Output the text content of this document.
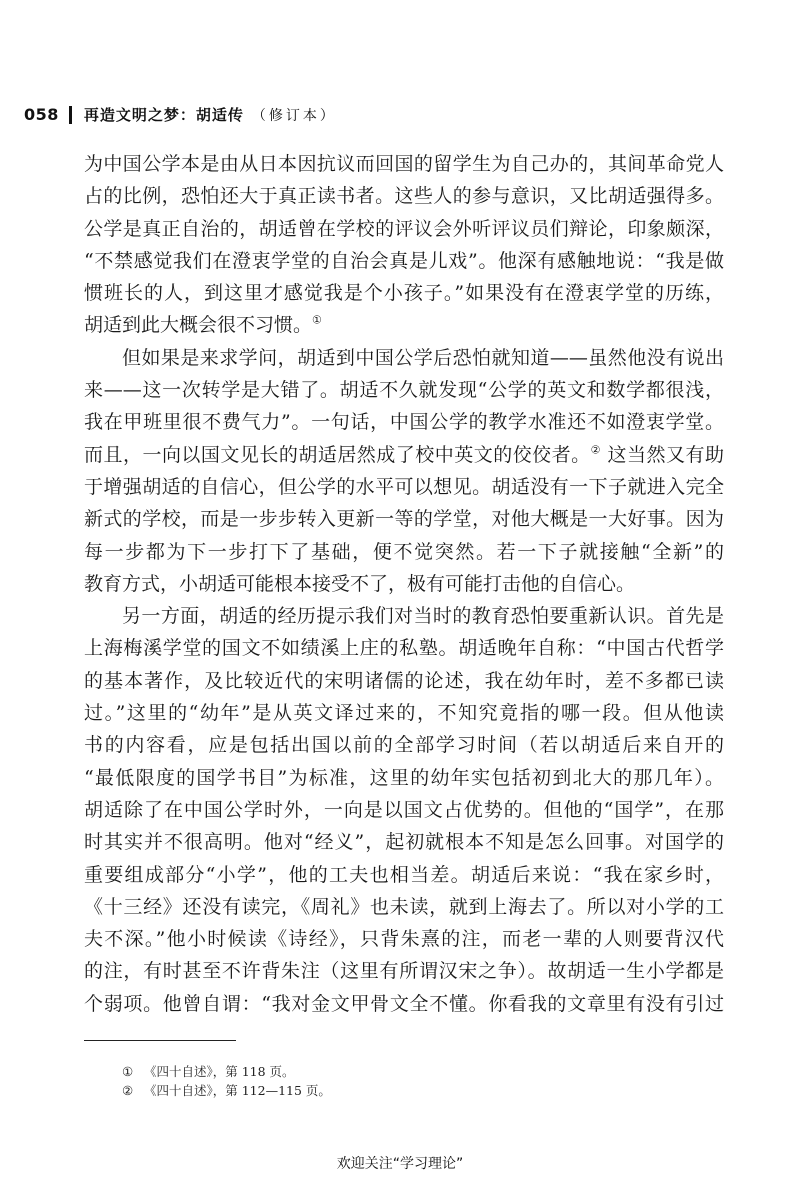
058 再造文明之梦：胡适传 （修订本）
为中国公学本是由从日本因抗议而回国的留学生为自己办的，其间革命党人
占的比例，恐怕还大于真正读书者。这些人的参与意识，又比胡适强得多。
公学是真正自治的，胡适曾在学校的评议会外听评议员们辩论，印象颇深，
“不禁感觉我们在澄衷学堂的自治会真是儿戏”。他深有感触地说：“我是做
惯班长的人，到这里才感觉我是个小孩子。”如果没有在澄衷学堂的历练，
胡适到此大概会很不习惯。①
但如果是来求学问，胡适到中国公学后恐怕就知道——虽然他没有说出
来——这一次转学是大错了。胡适不久就发现“公学的英文和数学都很浅，
我在甲班里很不费气力”。一句话，中国公学的教学水准还不如澄衷学堂。
而且，一向以国文见长的胡适居然成了校中英文的佼佼者。② 这当然又有助
于增强胡适的自信心，但公学的水平可以想见。胡适没有一下子就进入完全
新式的学校，而是一步步转入更新一等的学堂，对他大概是一大好事。因为
每一步都为下一步打下了基础，便不觉突然。若一下子就接触“全新”的
教育方式，小胡适可能根本接受不了，极有可能打击他的自信心。
另一方面，胡适的经历提示我们对当时的教育恐怕要重新认识。首先是
上海梅溪学堂的国文不如绩溪上庄的私塾。胡适晚年自称：“中国古代哲学
的基本著作，及比较近代的宋明诸儒的论述，我在幼年时，差不多都已读
过。”这里的“幼年”是从英文译过来的，不知究竟指的哪一段。但从他读
书的内容看，应是包括出国以前的全部学习时间（若以胡适后来自开的
“最低限度的国学书目”为标准，这里的幼年实包括初到北大的那几年）。
胡适除了在中国公学时外，一向是以国文占优势的。但他的“国学”，在那
时其实并不很高明。他对“经义”，起初就根本不知是怎么回事。对国学的
重要组成部分“小学”，他的工夫也相当差。胡适后来说：“我在家乡时，
《十三经》还没有读完，《周礼》也未读，就到上海去了。所以对小学的工
夫不深。”他小时候读《诗经》，只背朱熹的注，而老一辈的人则要背汉代
的注，有时甚至不许背朱注（这里有所谓汉宋之争）。故胡适一生小学都是
个弱项。他曾自谓：“我对金文甲骨文全不懂。你看我的文章里有没有引过
① 《四十自述》，第 118 页。
② 《四十自述》，第 112—115 页。
欢迎关注“学习理论”
